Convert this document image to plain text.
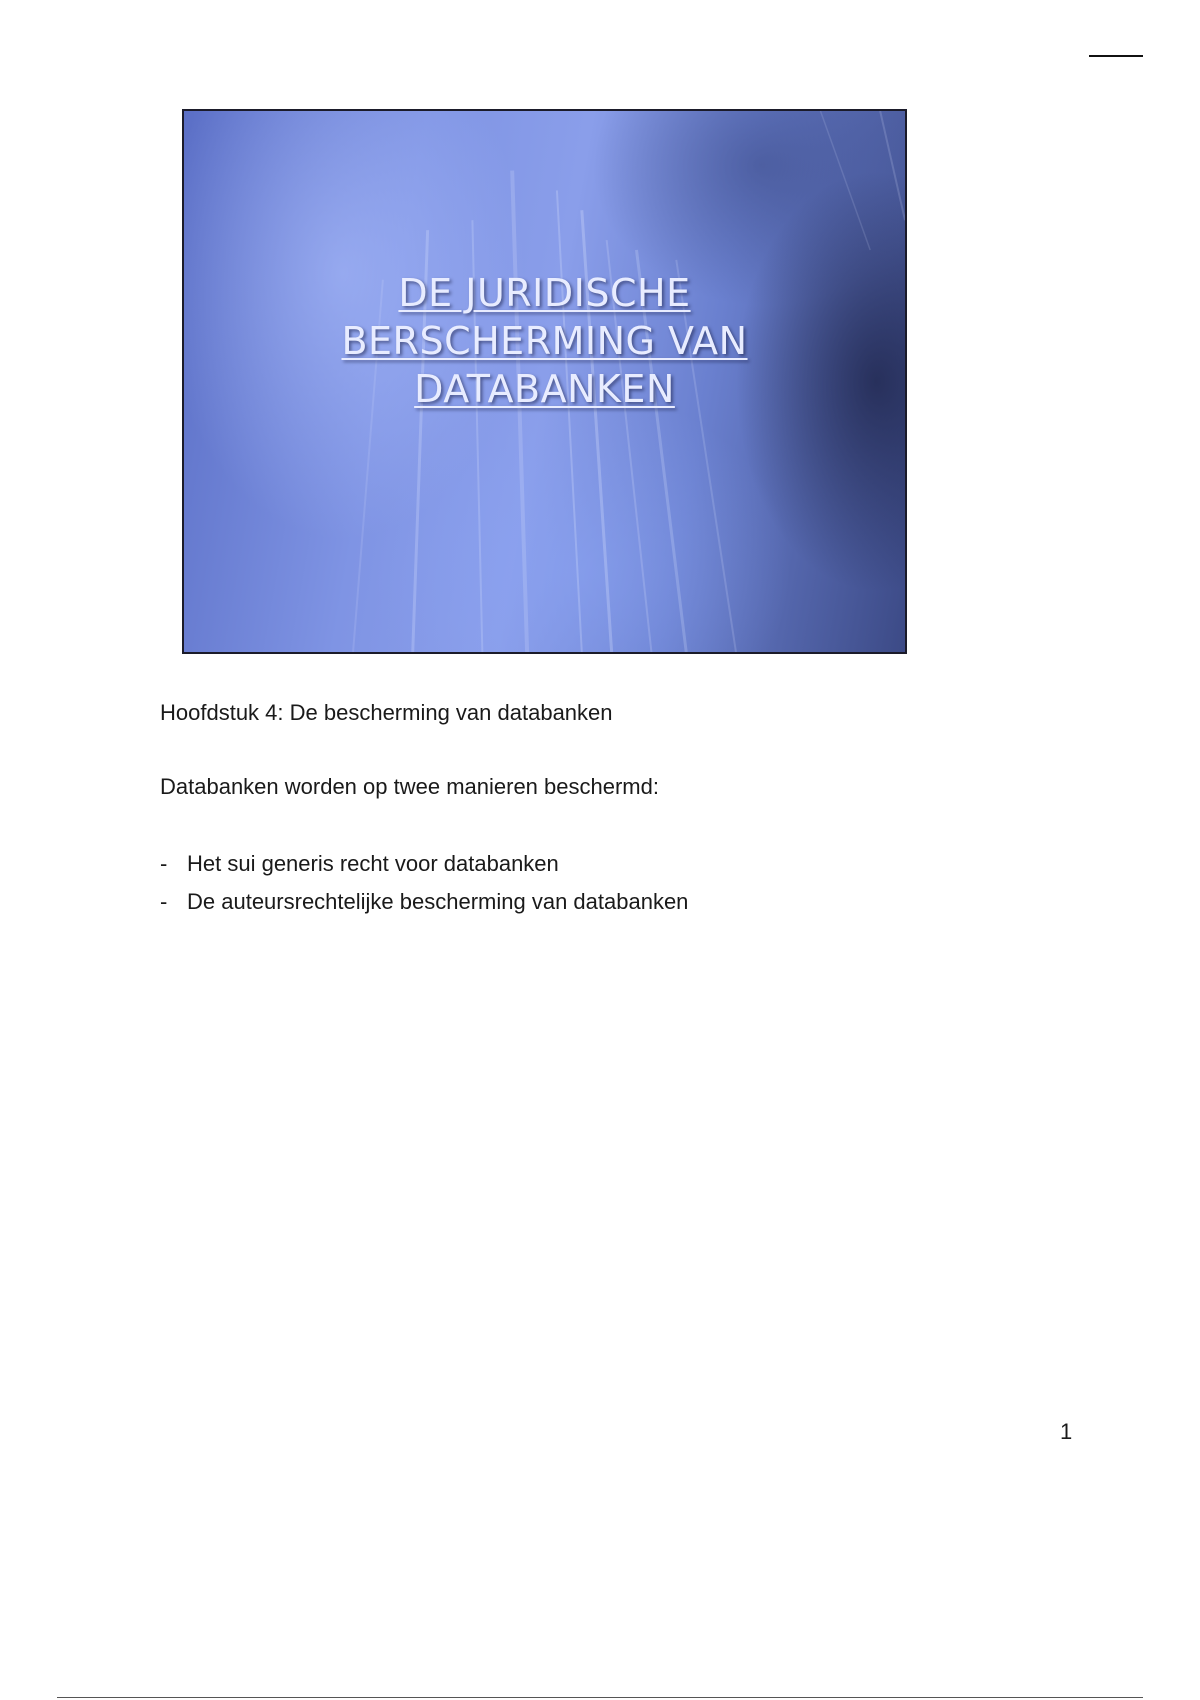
DE JURIDISCHE
BERSCHERMING VAN
DATABANKEN
Hoofdstuk 4: De bescherming van databanken
Databanken worden op twee manieren beschermd:
- Het sui generis recht voor databanken
- De auteursrechtelijke bescherming van databanken
1
